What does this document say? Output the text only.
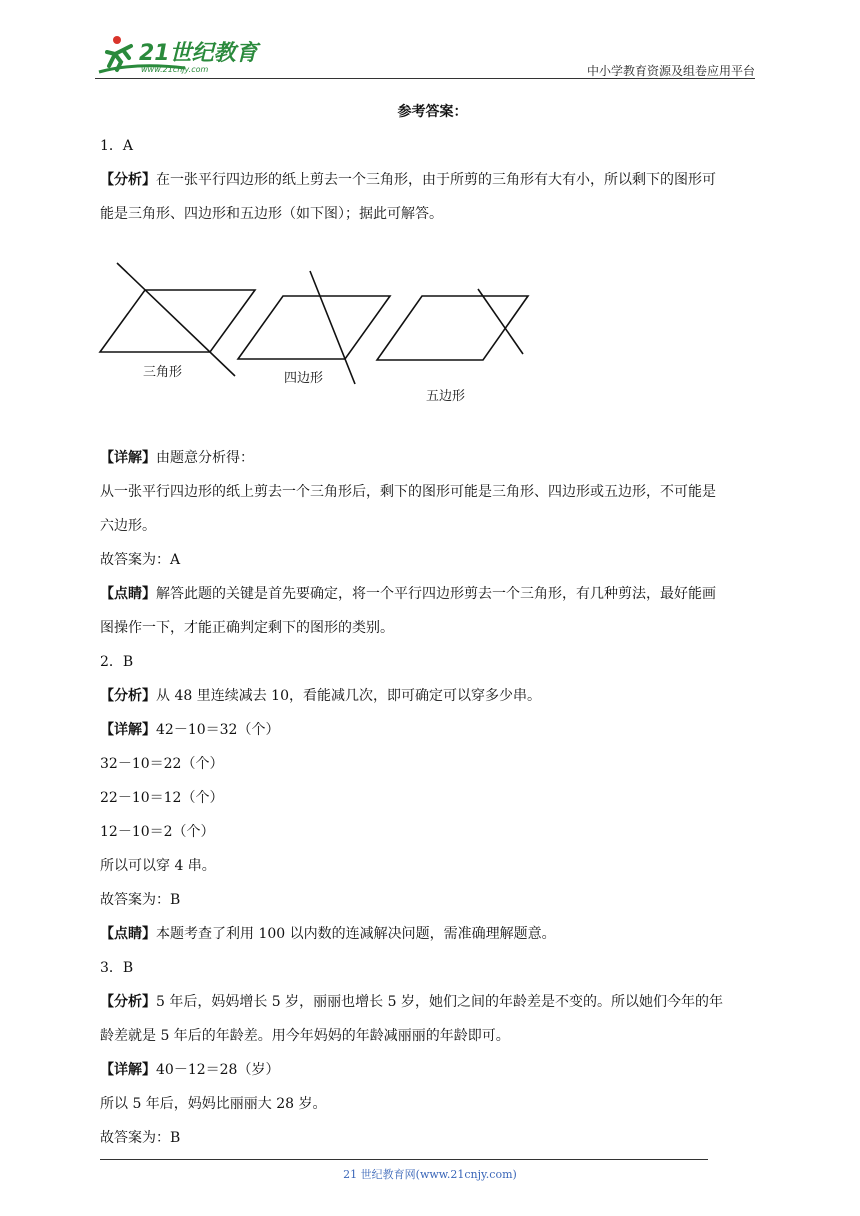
21世纪教育
www.21cnjy.com	中小学教育资源及组卷应用平台
参考答案：
1．A
【分析】在一张平行四边形的纸上剪去一个三角形，由于所剪的三角形有大有小，所以剩下的图形可
能是三角形、四边形和五边形（如下图）；据此可解答。
【详解】由题意分析得：
从一张平行四边形的纸上剪去一个三角形后，剩下的图形可能是三角形、四边形或五边形，不可能是
六边形。
故答案为：A
【点睛】解答此题的关键是首先要确定，将一个平行四边形剪去一个三角形，有几种剪法，最好能画
图操作一下，才能正确判定剩下的图形的类别。
2．B
【分析】从 48 里连续减去 10，看能减几次，即可确定可以穿多少串。
【详解】42－10＝32（个）
32－10＝22（个）
22－10＝12（个）
12－10＝2（个）
所以可以穿 4 串。
故答案为：B
【点睛】本题考查了利用 100 以内数的连减解决问题，需准确理解题意。
3．B
【分析】5 年后，妈妈增长 5 岁，丽丽也增长 5 岁，她们之间的年龄差是不变的。所以她们今年的年
龄差就是 5 年后的年龄差。用今年妈妈的年龄减丽丽的年龄即可。
【详解】40－12＝28（岁）
所以 5 年后，妈妈比丽丽大 28 岁。
故答案为：B
三角形	四边形
五边形
21 世纪教育网(www.21cnjy.com)
